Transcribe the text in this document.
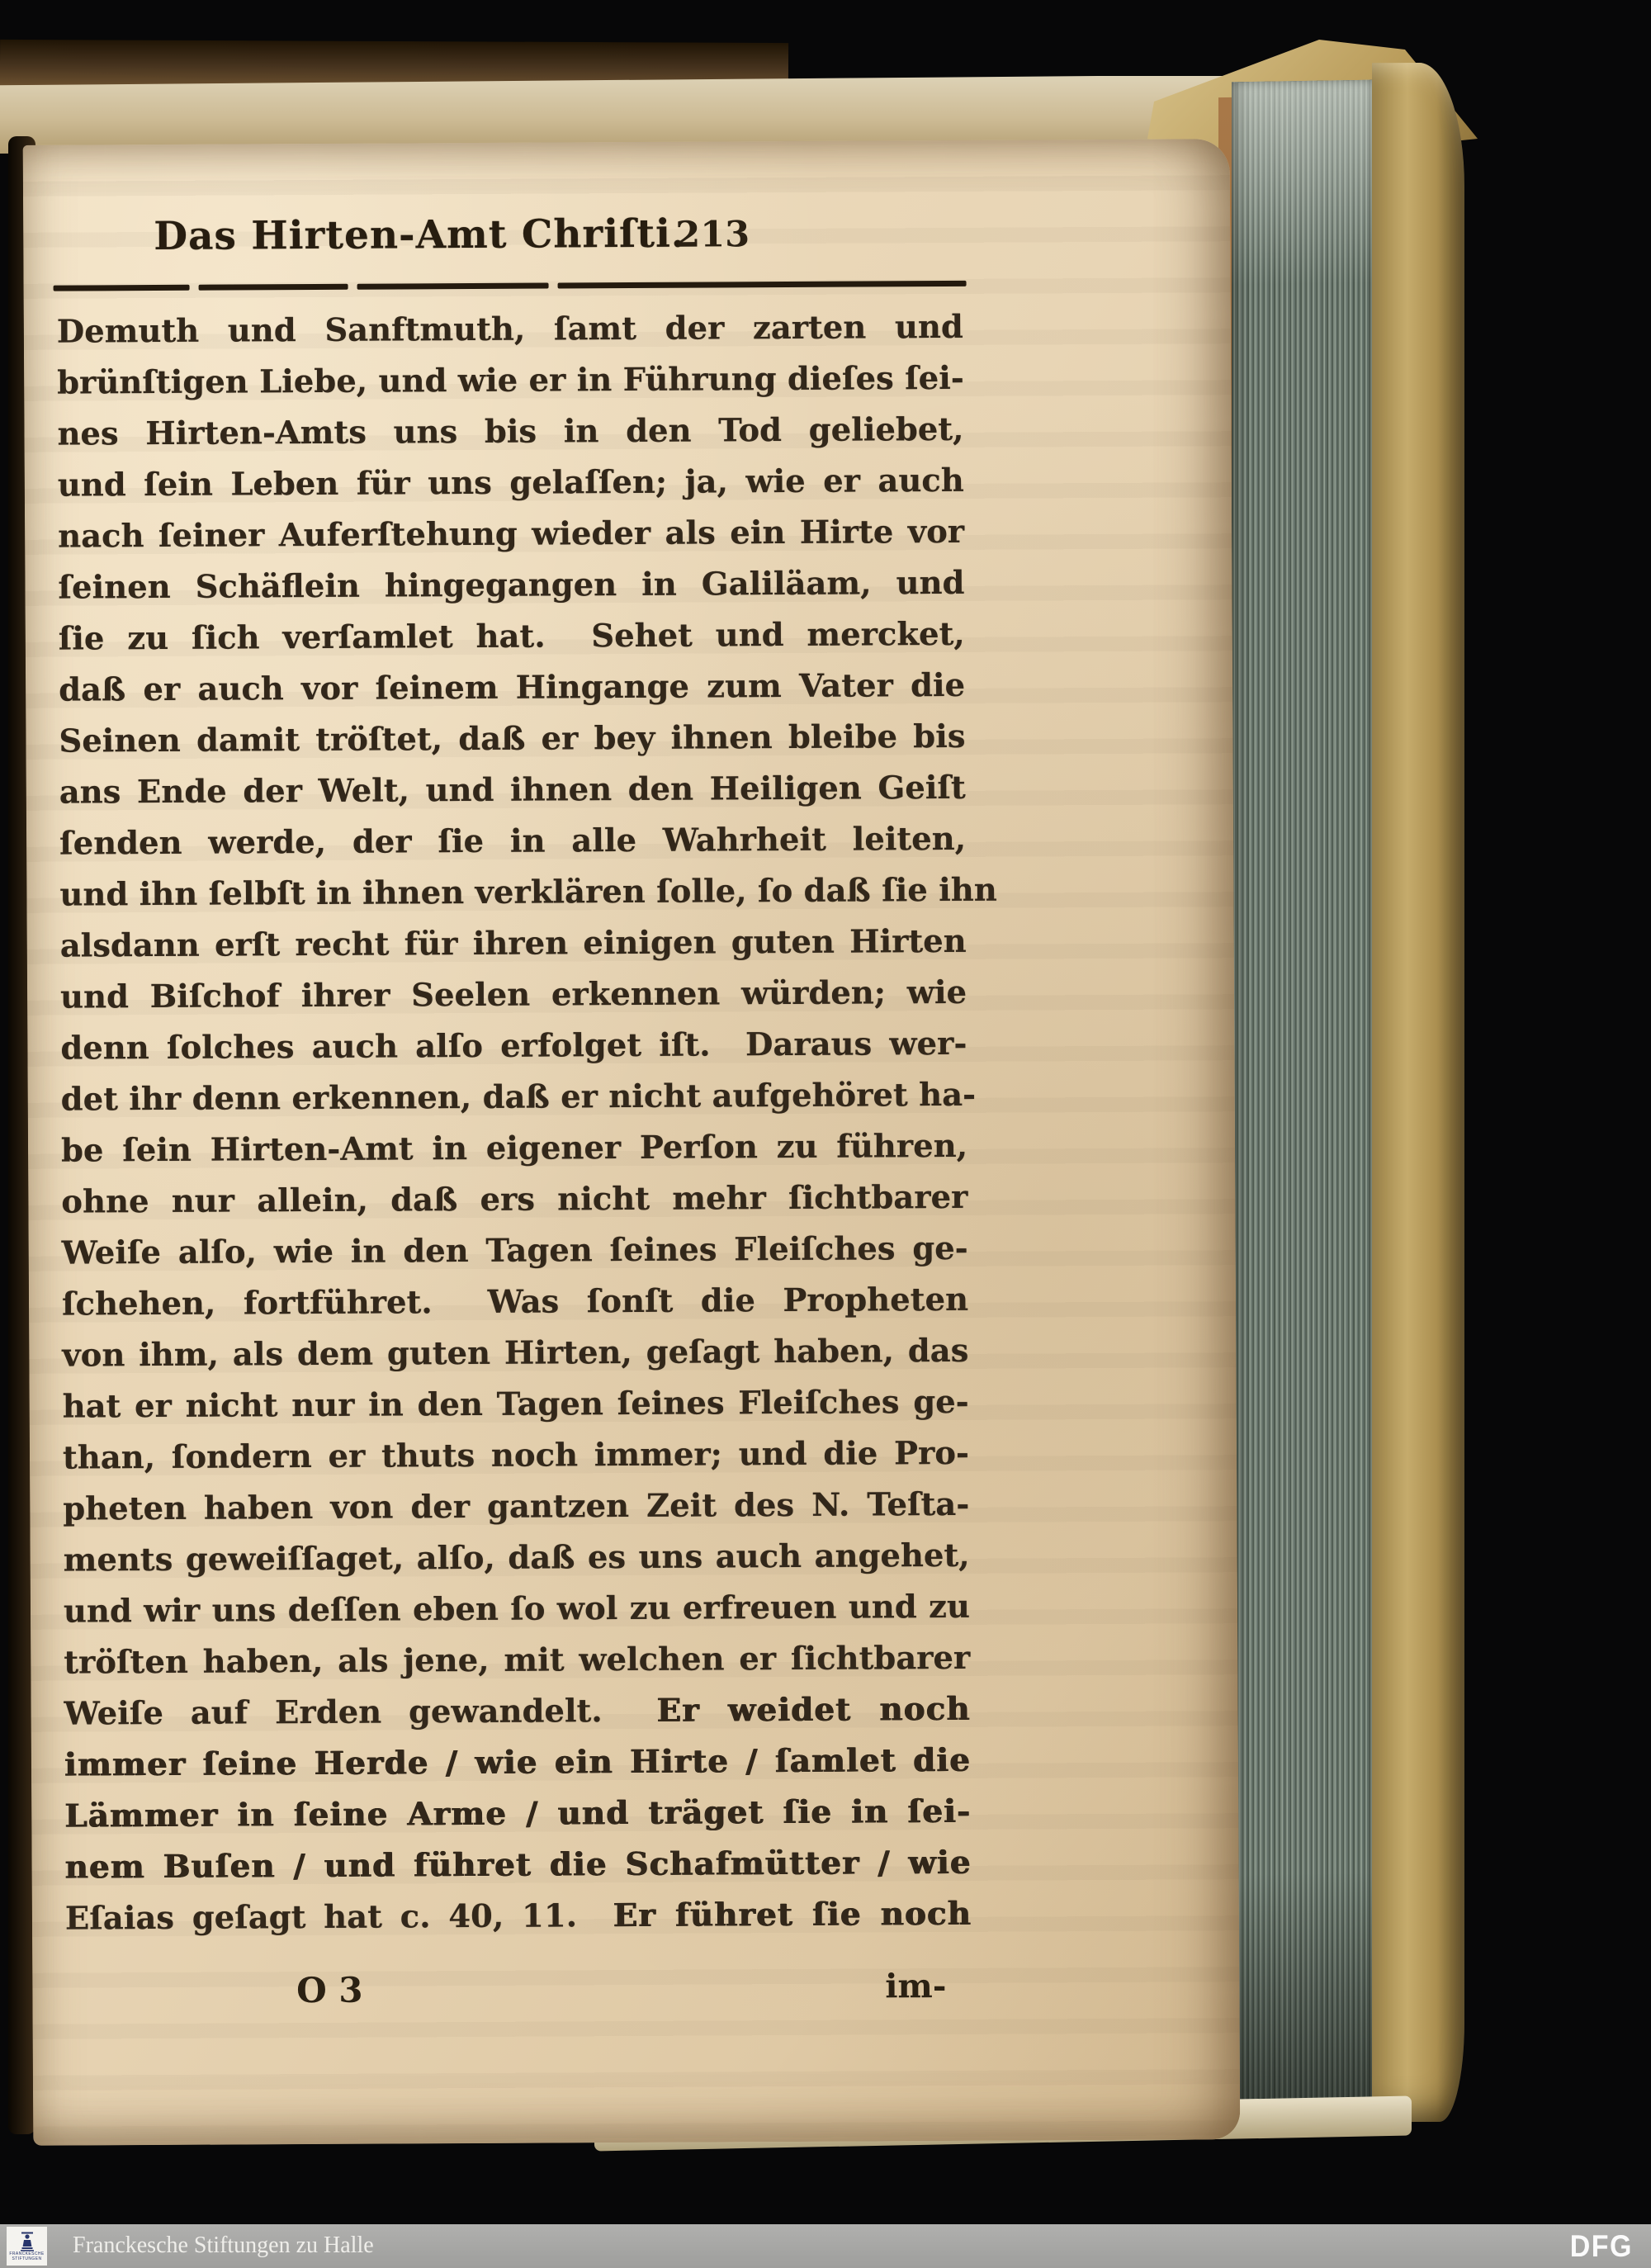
Das Hirten-Amt Chriſti.
213
Demuth und Sanftmuth, ſamt der zarten und
brünſtigen Liebe, und wie er in Führung dieſes ſei-
nes Hirten-Amts uns bis in den Tod geliebet,
und ſein Leben für uns gelaſſen; ja, wie er auch
nach ſeiner Auferſtehung wieder als ein Hirte vor
ſeinen Schäflein hingegangen in Galiläam, und
ſie zu ſich verſamlet hat.  Sehet und mercket,
daß er auch vor ſeinem Hingange zum Vater die
Seinen damit tröſtet, daß er bey ihnen bleibe bis
ans Ende der Welt, und ihnen den Heiligen Geiſt
ſenden werde, der ſie in alle Wahrheit leiten,
und ihn ſelbſt in ihnen verklären ſolle, ſo daß ſie ihn
alsdann erſt recht für ihren einigen guten Hirten
und Biſchof ihrer Seelen erkennen würden; wie
denn ſolches auch alſo erfolget iſt.  Daraus wer-
det ihr denn erkennen, daß er nicht aufgehöret ha-
be ſein Hirten-Amt in eigener Perſon zu führen,
ohne nur allein, daß ers nicht mehr ſichtbarer
Weiſe alſo, wie in den Tagen ſeines Fleiſches ge-
ſchehen, fortführet.  Was ſonſt die Propheten
von ihm, als dem guten Hirten, geſagt haben, das
hat er nicht nur in den Tagen ſeines Fleiſches ge-
than, ſondern er thuts noch immer; und die Pro-
pheten haben von der gantzen Zeit des N. Teſta-
ments geweiſſaget, alſo, daß es uns auch angehet,
und wir uns deſſen eben ſo wol zu erfreuen und zu
tröſten haben, als jene, mit welchen er ſichtbarer
Weiſe auf Erden gewandelt.  Er weidet noch
immer ſeine Herde / wie ein Hirte / ſamlet die
Lämmer in ſeine Arme / und träget ſie in ſei-
nem Buſen / und führet die Schafmütter / wie
Eſaias geſagt hat c. 40, 11.  Er führet ſie noch
O 3	im-
FRANCKESCHE
STIFTUNGEN
Franckesche Stiftungen zu Halle	DFG
